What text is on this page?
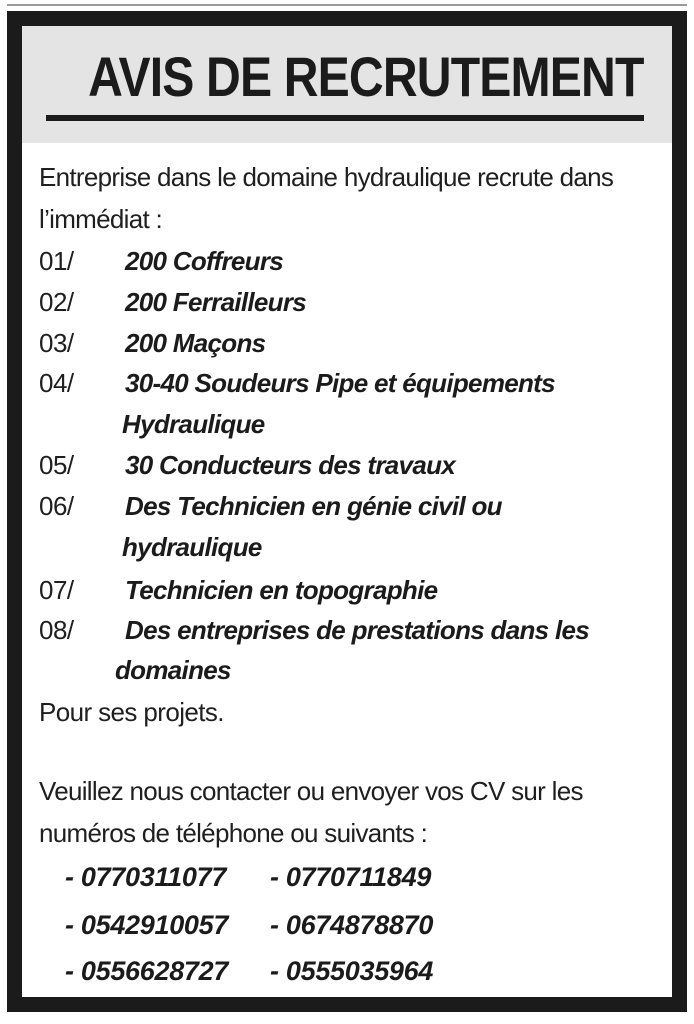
AVIS DE RECRUTEMENT

Entreprise dans le domaine hydraulique recrute dans l’immédiat :

01/ 200 Coffreurs

02/ 200 Ferrailleurs

03/ 200 Maçons

04/ 30-40 Soudeurs Pipe et équipements

Hydraulique

05/ 30 Conducteurs des travaux

06/ Des Technicien en génie civil ou

hydraulique

07/ Technicien en topographie

08/ Des entreprises de prestations dans les

domaines

Pour ses projets.

Veuillez nous contacter ou envoyer vos CV sur les numéros de téléphone ou suivants :

- 0770311077 - 0770711849
- 0542910057 - 0674878870
- 0556628727 - 0555035964
